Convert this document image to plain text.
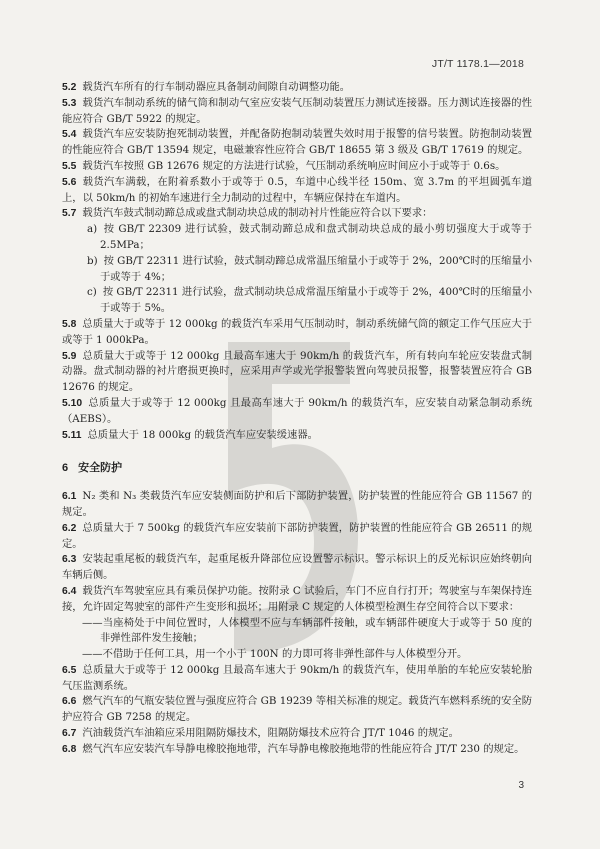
JT/T 1178.1—2018

5.2 载货汽车所有的行车制动器应具备制动间隙自动调整功能。

5.3 载货汽车制动系统的储气筒和制动气室应安装气压制动装置压力测试连接器。压力测试连接器的性能应符合 GB/T 5922 的规定。

5.4 载货汽车应安装防抱死制动装置，并配备防抱制动装置失效时用于报警的信号装置。防抱制动装置的性能应符合 GB/T 13594 规定，电磁兼容性应符合 GB/T 18655 第 3 级及 GB/T 17619 的规定。

5.5 载货汽车按照 GB 12676 规定的方法进行试验，气压制动系统响应时间应小于或等于 0.6s。

5.6 载货汽车满载，在附着系数小于或等于 0.5，车道中心线半径 150m、宽 3.7m 的平坦圆弧车道上，以 50km/h 的初始车速进行全力制动的过程中，车辆应保持在车道内。

5.7 载货汽车鼓式制动蹄总成或盘式制动块总成的制动衬片性能应符合以下要求：

a) 按 GB/T 22309 进行试验，鼓式制动蹄总成和盘式制动块总成的最小剪切强度大于或等于 2.5MPa；

b) 按 GB/T 22311 进行试验，鼓式制动蹄总成常温压缩量小于或等于 2%，200℃时的压缩量小于或等于 4%；

c) 按 GB/T 22311 进行试验，盘式制动块总成常温压缩量小于或等于 2%，400℃时的压缩量小于或等于 5%。

5.8 总质量大于或等于 12 000kg 的载货汽车采用气压制动时，制动系统储气筒的额定工作气压应大于或等于 1 000kPa。

5.9 总质量大于或等于 12 000kg 且最高车速大于 90km/h 的载货汽车，所有转向车轮应安装盘式制动器。盘式制动器的衬片磨损更换时，应采用声学或光学报警装置向驾驶员报警，报警装置应符合 GB 12676 的规定。

5.10 总质量大于或等于 12 000kg 且最高车速大于 90km/h 的载货汽车，应安装自动紧急制动系统（AEBS）。

5.11 总质量大于 18 000kg 的载货汽车应安装缓速器。

6 安全防护

6.1 N₂ 类和 N₃ 类载货汽车应安装侧面防护和后下部防护装置，防护装置的性能应符合 GB 11567 的规定。

6.2 总质量大于 7 500kg 的载货汽车应安装前下部防护装置，防护装置的性能应符合 GB 26511 的规定。

6.3 安装起重尾板的载货汽车，起重尾板升降部位应设置警示标识。警示标识上的反光标识应始终朝向车辆后侧。

6.4 载货汽车驾驶室应具有乘员保护功能。按附录 C 试验后，车门不应自行打开；驾驶室与车架保持连接，允许固定驾驶室的部件产生变形和损坏；用附录 C 规定的人体模型检测生存空间符合以下要求：

——当座椅处于中间位置时，人体模型不应与车辆部件接触，或车辆部件硬度大于或等于 50 度的非弹性部件发生接触；

——不借助于任何工具，用一个小于 100N 的力即可将非弹性部件与人体模型分开。

6.5 总质量大于或等于 12 000kg 且最高车速大于 90km/h 的载货汽车，使用单胎的车轮应安装轮胎气压监测系统。

6.6 燃气汽车的气瓶安装位置与强度应符合 GB 19239 等相关标准的规定。载货汽车燃料系统的安全防护应符合 GB 7258 的规定。

6.7 汽油载货汽车油箱应采用阻隔防爆技术，阻隔防爆技术应符合 JT/T 1046 的规定。

6.8 燃气汽车应安装汽车导静电橡胶拖地带，汽车导静电橡胶拖地带的性能应符合 JT/T 230 的规定。

3
